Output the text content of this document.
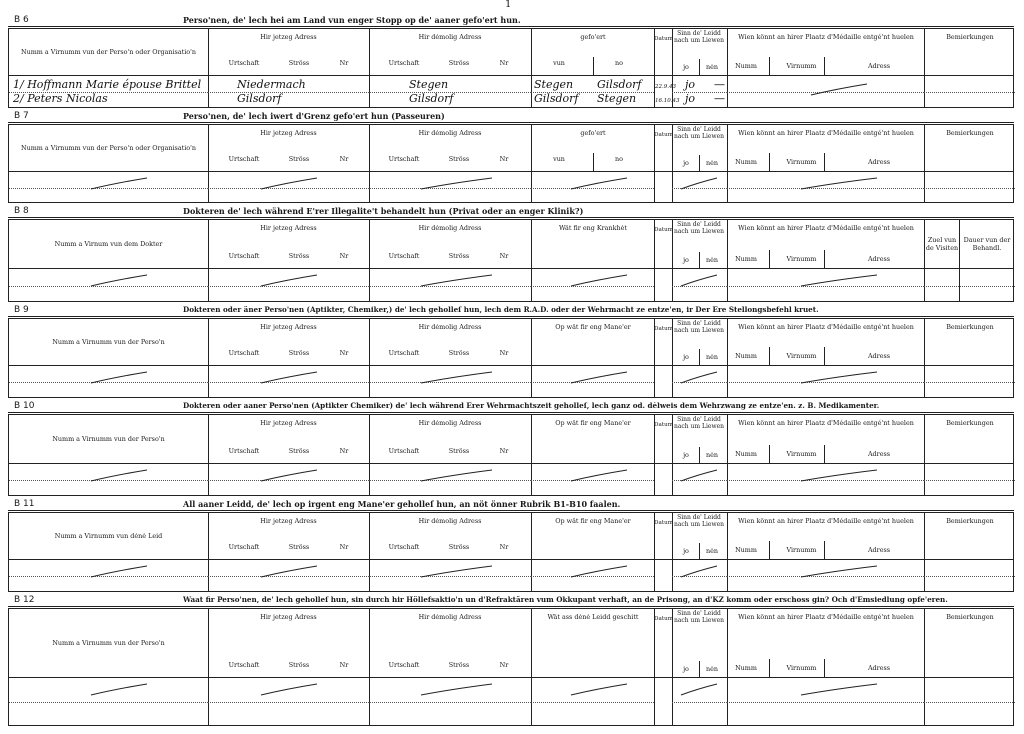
1
B 6	Perso'nen, de' lech hei am Land vun enger Stopp op de' aaner gefo'ert hun.
Numm a Virnumm vun der Perso'n oder Organisatio'n
Hir jetzeg Adress
Urtschaft	Ströss	Nr
Hir dėmolig Adress
Urtschaft	Ströss	Nr
gefo'ert
vun	no
Datum
Sinn de' Leidd nach um Liewen
jo	nėn
Wien könnt an hirer Plaatz d'Médaille entgé'nt huelen
Numm	Virnumm	Adress
Bemierkungen
1/ Hoffmann Marie épouse Brittel	Niedermach	Stegen	Stegen	Gilsdorf	22.9.43 jo	—
2/ Peters Nicolas	Gilsdorf	Gilsdorf	Gilsdorf	Stegen	16.10.43 jo	—
B 7	Perso'nen, de' lech iwert d'Grenz gefo'ert hun (Passeuren)
Numm a Virnumm vun der Perso'n oder Organisatio'n
Hir jetzeg Adress
Urtschaft	Ströss	Nr
Hir dėmolig Adress
Urtschaft	Ströss	Nr
gefo'ert
vun	no
Datum
Sinn de' Leidd nach um Liewen
jo	nėn
Wien könnt an hirer Plaatz d'Médaille entgé'nt huelen
Numm	Virnumm	Adress
Bemierkungen
B 8	Dokteren de' lech während E'rer Illegalite't behandelt hun (Privat oder an enger Klinik?)
Numm a Virnum vun dem Dokter
Hir jetzeg Adress
Urtschaft	Ströss	Nr
Hir dėmolig Adress
Urtschaft	Ströss	Nr
Wät fir eng Krankhėt	Datum
Sinn de' Leidd nach um Liewen
jo	nėn
Wien könnt an hirer Plaatz d'Médaille entgé'nt huelen
Numm	Virnumm	Adress
Zuel vun de Visiten
Dauer vun der Behandl.
B 9	Dokteren oder äner Perso'nen (Aptikter, Chemiker,) de' lech geholleſ hun, lech dem R.A.D. oder der Wehrmacht ze entze'en, ir Der Ere Stellongsbefehl kruet.
Numm a Virnumm vun der Perso'n
Hir jetzeg Adress
Urtschaft	Ströss	Nr
Hir dėmolig Adress
Urtschaft	Ströss	Nr
Op wät fir eng Mane'er	Datum
Sinn de' Leidd nach um Liewen
jo	nėn
Wien könnt an hirer Plaatz d'Médaille entgé'nt huelen
Numm	Virnumm	Adress
Bemierkungen
B 10	Dokteren oder aaner Perso'nen (Aptikter Chemiker) de' lech während Erer Wehrmachtszeit geholleſ, lech ganz od. dėlweis dem Wehrzwang ze entze'en. z. B. Medikamenter.
Numm a Virnumm vun der Perso'n
Hir jetzeg Adress
Urtschaft	Ströss	Nr
Hir dėmolig Adress
Urtschaft	Ströss	Nr
Op wät fir eng Mane'er	Datum
Sinn de' Leidd nach um Liewen
jo	nėn
Wien könnt an hirer Plaatz d'Médaille entgé'nt huelen
Numm	Virnumm	Adress
Bemierkungen
B 11	All aaner Leidd, de' lech op irgent eng Mane'er geholleſ hun, an nöt önner Rubrik B1-B10 faalen.
Numm a Virnumm vun dėnė Leid
Hir jetzeg Adress
Urtschaft	Ströss	Nr
Hir dėmolig Adress
Urtschaft	Ströss	Nr
Op wät fir eng Mane'er	Datum
Sinn de' Leidd nach um Liewen
jo	nėn
Wien könnt an hirer Plaatz d'Médaille entgé'nt huelen
Numm	Virnumm	Adress
Bemierkungen
B 12	Waat fir Perso'nen, de' lech geholleſ hun, sin durch hir Höllefsaktio'n un d'Refraktären vum Okkupant verhaft, an de Prisong, an d'KZ komm oder erschoss gin? Och d'Emsiedlung opfe'eren.
Numm a Virnumm vun der Perso'n
Hir jetzeg Adress
Urtschaft	Ströss	Nr
Hir dėmolig Adress
Urtschaft	Ströss	Nr
Wät ass dėnė Leidd geschitt	Datum
Sinn de' Leidd nach um Liewen
jo	nėn
Wien könnt an hirer Plaatz d'Médaille entgé'nt huelen
Numm	Virnumm	Adress
Bemierkungen
